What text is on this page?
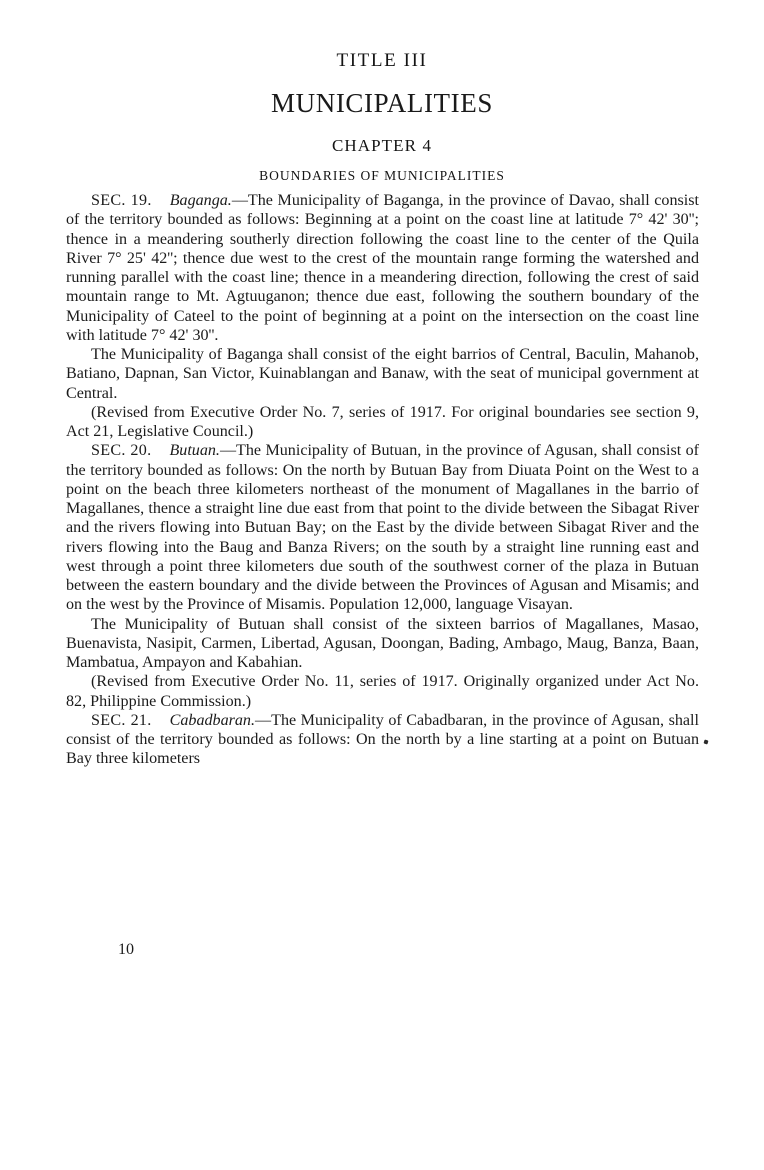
TITLE III
MUNICIPALITIES
CHAPTER 4
BOUNDARIES OF MUNICIPALITIES

SEC. 19. Baganga.—The Municipality of Baganga, in the province of Davao, shall consist of the territory bounded as follows: Beginning at a point on the coast line at latitude 7° 42' 30''; thence in a meandering southerly direction following the coast line to the center of the Quila River 7° 25' 42''; thence due west to the crest of the mountain range forming the watershed and running parallel with the coast line; thence in a meandering direction, following the crest of said mountain range to Mt. Agtuuganon; thence due east, following the southern boundary of the Municipality of Cateel to the point of beginning at a point on the intersection on the coast line with latitude 7° 42' 30''.

The Municipality of Baganga shall consist of the eight barrios of Central, Baculin, Mahanob, Batiano, Dapnan, San Victor, Kuinablangan and Banaw, with the seat of municipal government at Central.

(Revised from Executive Order No. 7, series of 1917. For original boundaries see section 9, Act 21, Legislative Council.)

SEC. 20. Butuan.—The Municipality of Butuan, in the province of Agusan, shall consist of the territory bounded as follows: On the north by Butuan Bay from Diuata Point on the West to a point on the beach three kilometers northeast of the monument of Magallanes in the barrio of Magallanes, thence a straight line due east from that point to the divide between the Sibagat River and the rivers flowing into Butuan Bay; on the East by the divide between Sibagat River and the rivers flowing into the Baug and Banza Rivers; on the south by a straight line running east and west through a point three kilometers due south of the southwest corner of the plaza in Butuan between the eastern boundary and the divide between the Provinces of Agusan and Misamis; and on the west by the Province of Misamis. Population 12,000, language Visayan.

The Municipality of Butuan shall consist of the sixteen barrios of Magallanes, Masao, Buenavista, Nasipit, Carmen, Libertad, Agusan, Doongan, Bading, Ambago, Maug, Banza, Baan, Mambatua, Ampayon and Kabahian.

(Revised from Executive Order No. 11, series of 1917. Originally organized under Act No. 82, Philippine Commission.)

SEC. 21. Cabadbaran.—The Municipality of Cabadbaran, in the province of Agusan, shall consist of the territory bounded as follows: On the north by a line starting at a point on Butuan Bay three kilometers

10
